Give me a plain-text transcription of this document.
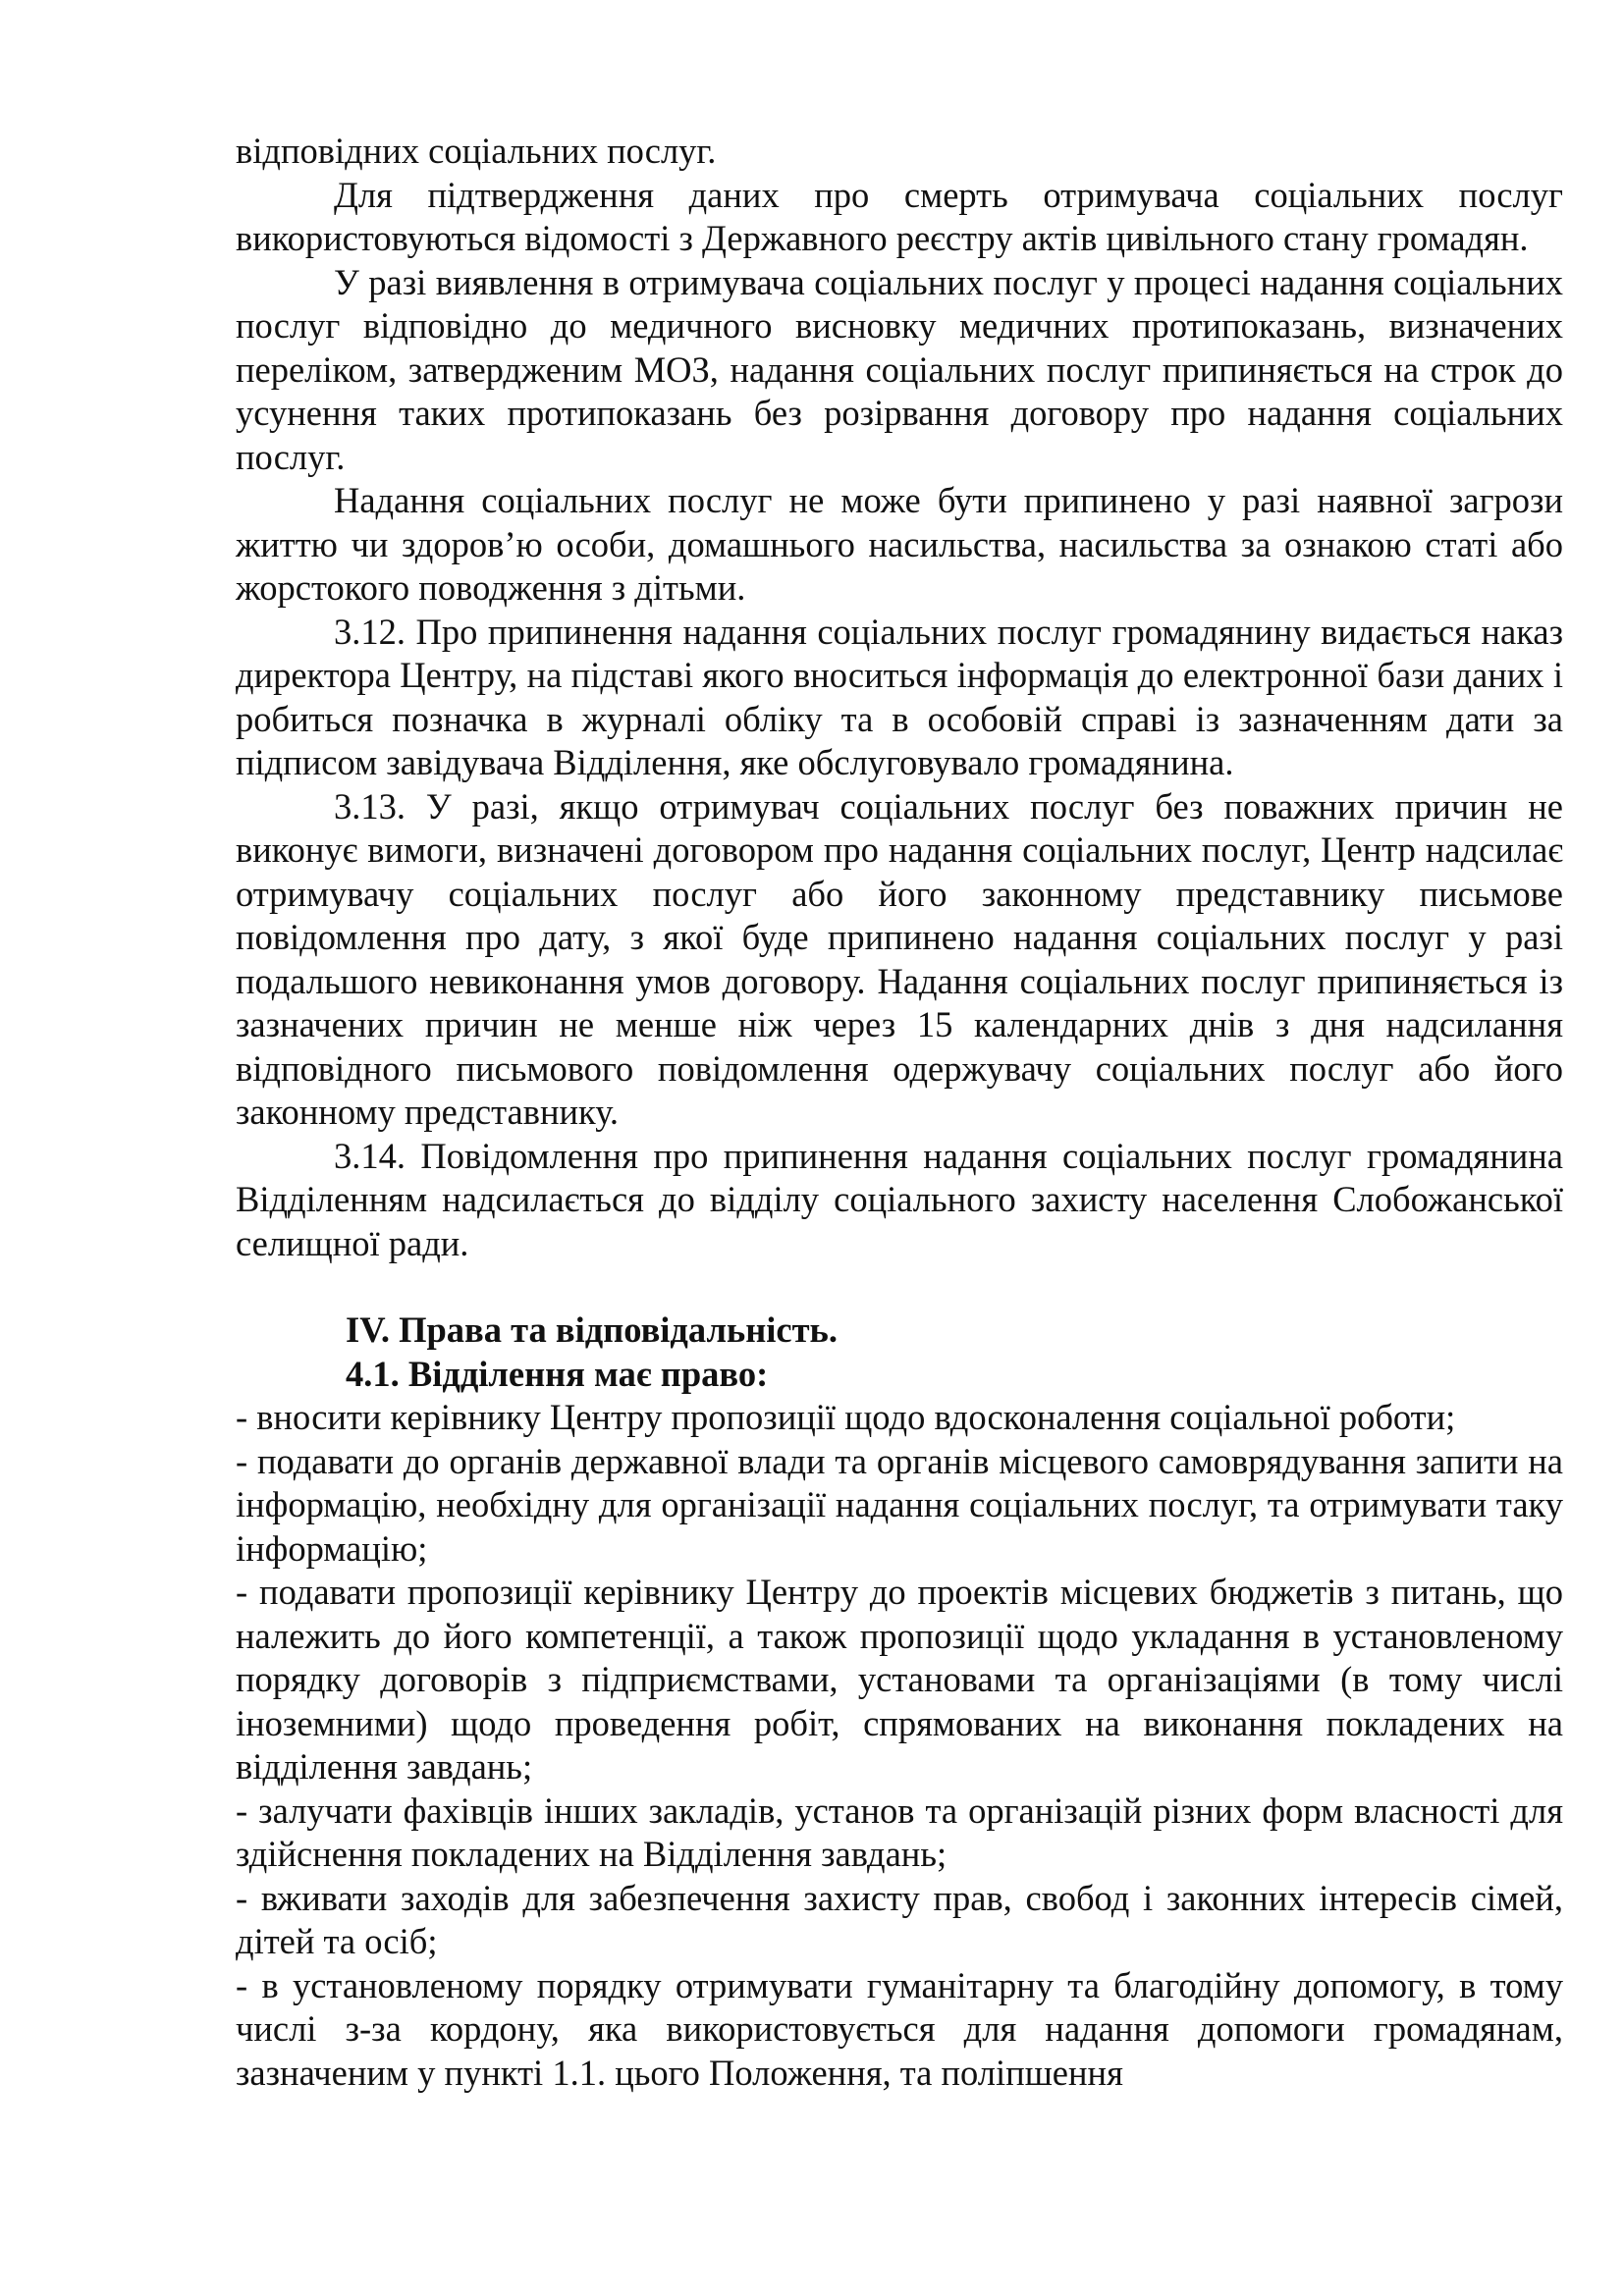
відповідних соціальних послуг.

Для підтвердження даних про смерть отримувача соціальних послуг використовуються відомості з Державного реєстру актів цивільного стану громадян.

У разі виявлення в отримувача соціальних послуг у процесі надання соціальних послуг відповідно до медичного висновку медичних протипоказань, визначених переліком, затвердженим МОЗ, надання соціальних послуг припиняється на строк до усунення таких протипоказань без розірвання договору про надання соціальних послуг.

Надання соціальних послуг не може бути припинено у разі наявної загрози життю чи здоров’ю особи, домашнього насильства, насильства за ознакою статі або жорстокого поводження з дітьми.

3.12. Про припинення надання соціальних послуг громадянину видається наказ директора Центру, на підставі якого вноситься інформація до електронної бази даних і робиться позначка в журналі обліку та в особовій справі із зазначенням дати за підписом завідувача Відділення, яке обслуговувало громадянина.

3.13. У разі, якщо отримувач соціальних послуг без поважних причин не виконує вимоги, визначені договором про надання соціальних послуг, Центр надсилає отримувачу соціальних послуг або його законному представнику письмове повідомлення про дату, з якої буде припинено надання соціальних послуг у разі подальшого невиконання умов договору. Надання соціальних послуг припиняється із зазначених причин не менше ніж через 15 календарних днів з дня надсилання відповідного письмового повідомлення одержувачу соціальних послуг або його законному представнику.

3.14. Повідомлення про припинення надання соціальних послуг громадянина Відділенням надсилається до відділу соціального захисту населення Слобожанської селищної ради.

IV. Права та відповідальність.

4.1. Відділення має право:

- вносити керівнику Центру пропозиції щодо вдосконалення соціальної роботи;

- подавати до органів державної влади та органів місцевого самоврядування запити на інформацію, необхідну для організації надання соціальних послуг, та отримувати таку інформацію;

- подавати пропозиції керівнику Центру до проектів місцевих бюджетів з питань, що належить до його компетенції, а також пропозиції щодо укладання в установленому порядку договорів з підприємствами, установами та організаціями (в тому числі іноземними) щодо проведення робіт, спрямованих на виконання покладених на відділення завдань;

- залучати фахівців інших закладів, установ та організацій різних форм власності для здійснення покладених на Відділення завдань;

- вживати заходів для забезпечення захисту прав, свобод і законних інтересів сімей, дітей та осіб;

- в установленому порядку отримувати гуманітарну та благодійну допомогу, в тому числі з-за кордону, яка використовується для надання допомоги громадянам, зазначеним у пункті 1.1. цього Положення, та поліпшення
